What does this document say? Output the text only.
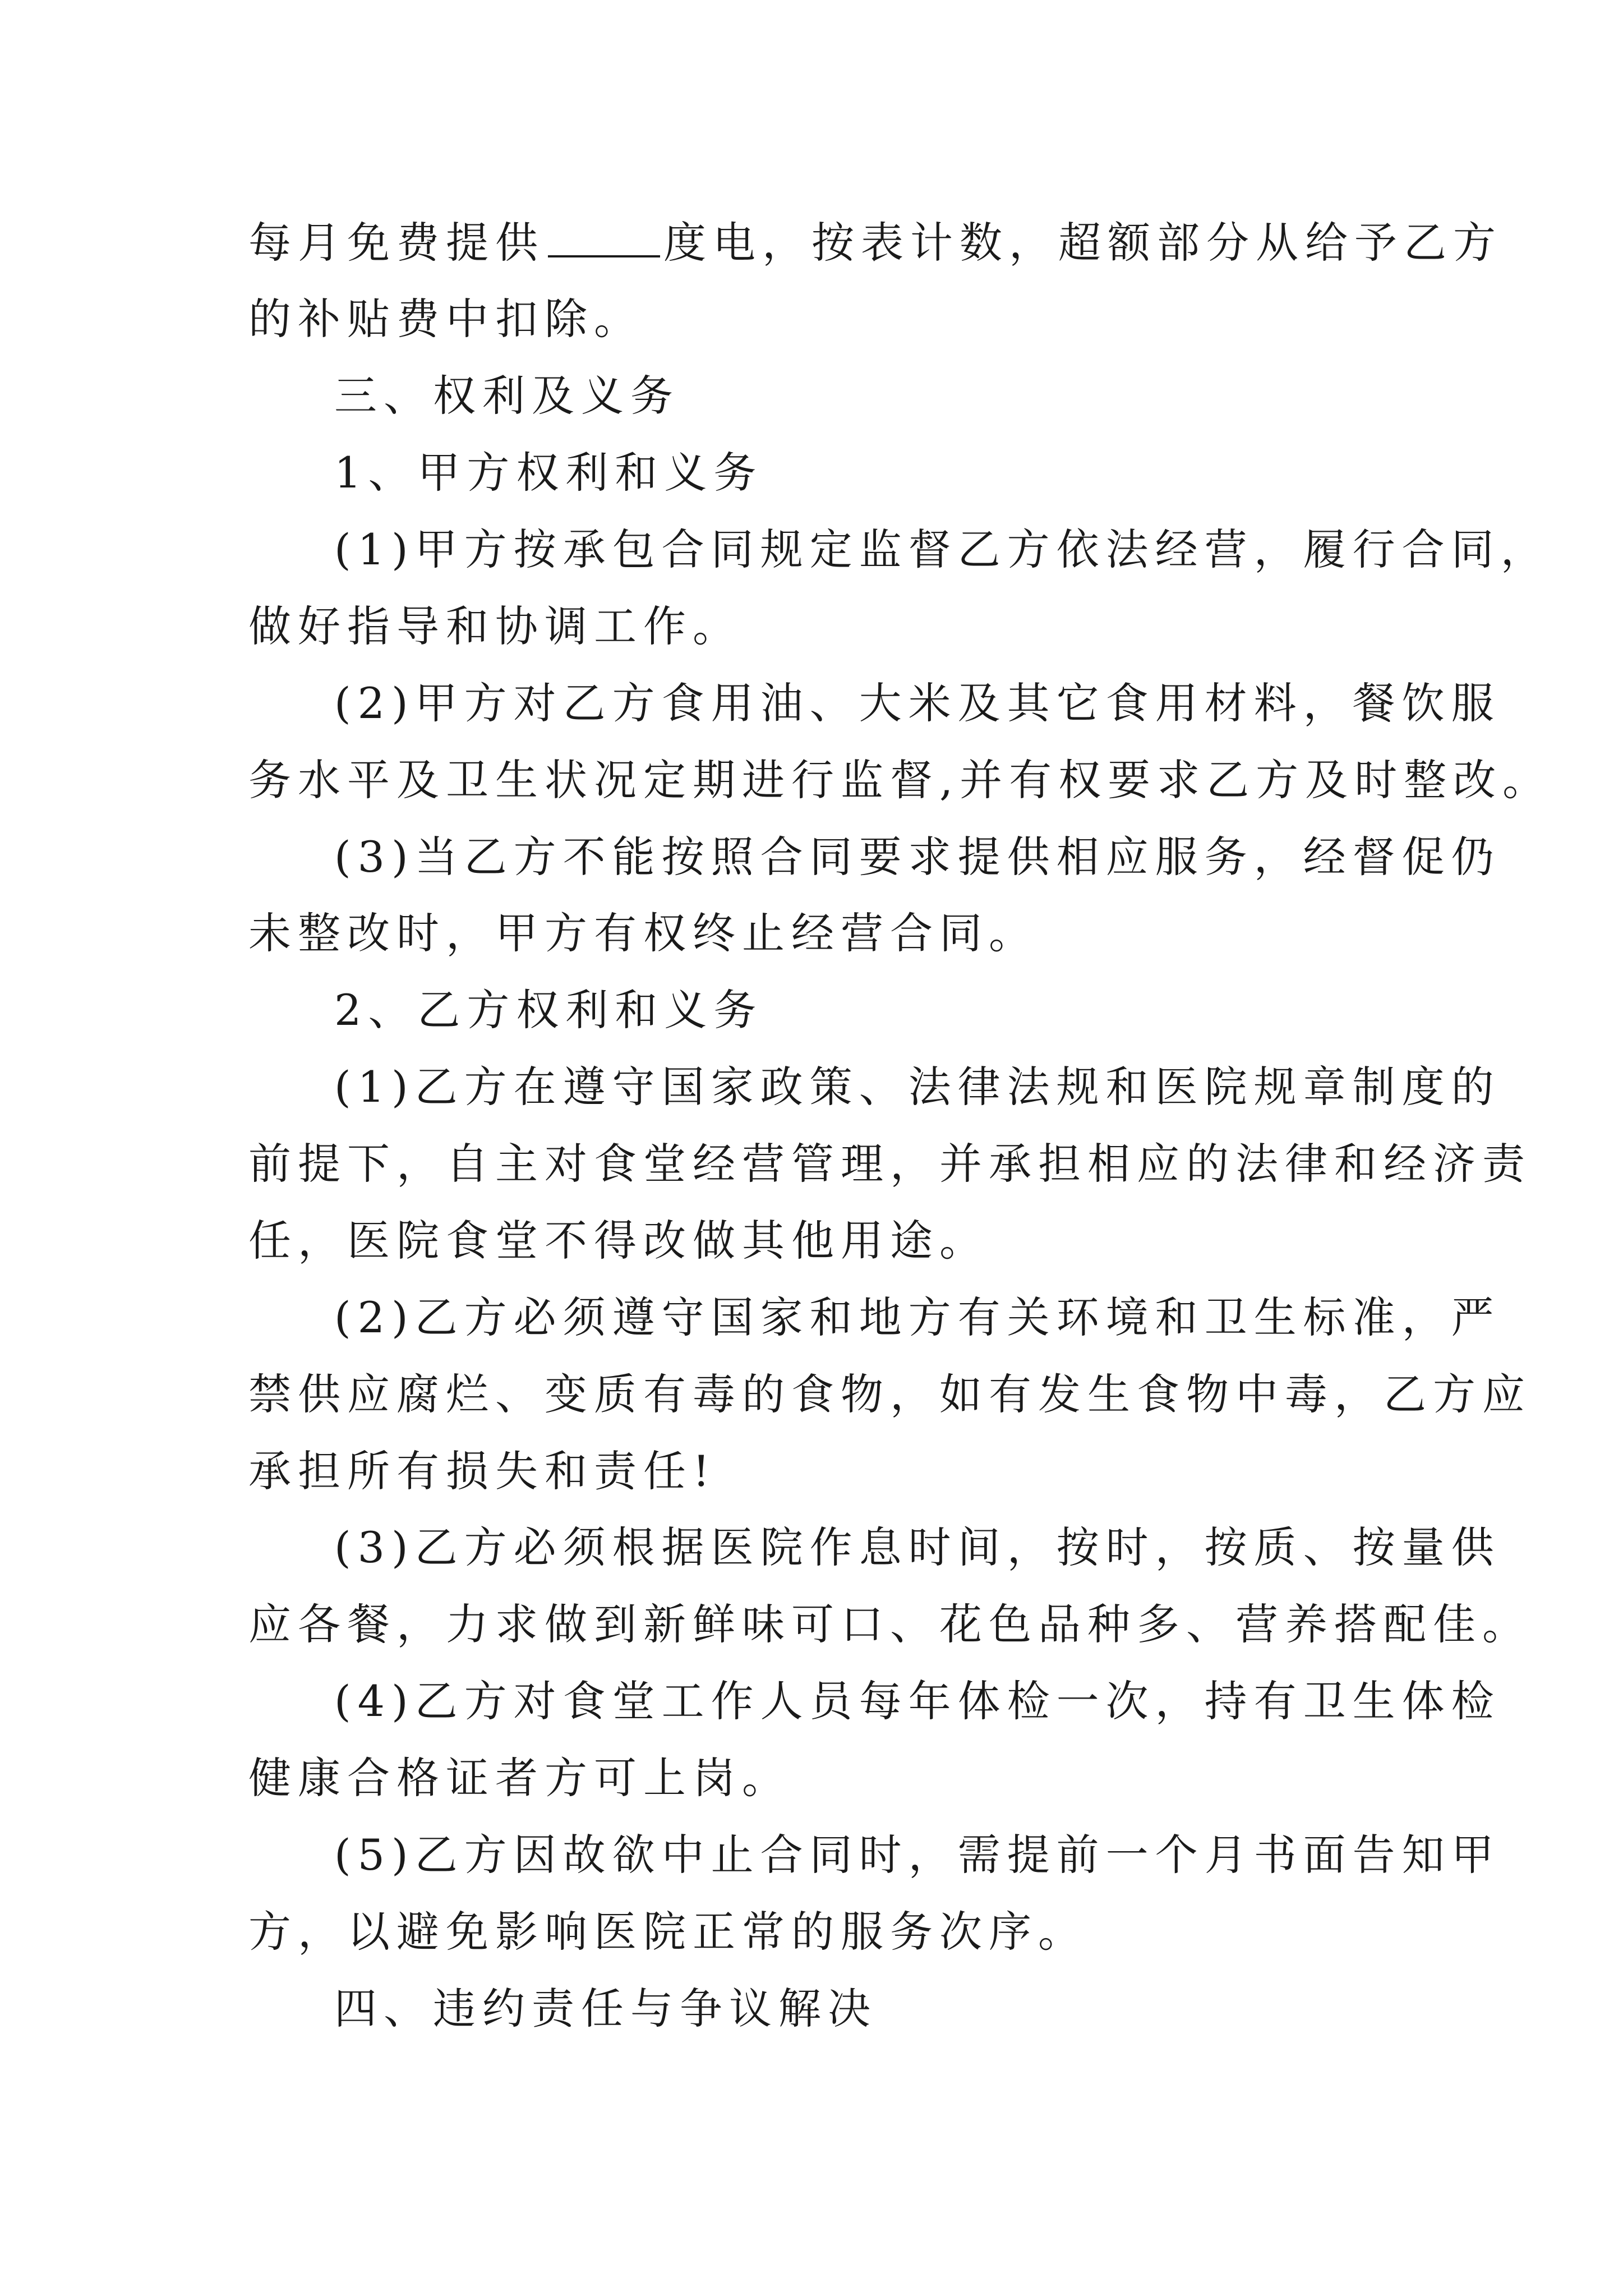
每月免费提供	度电，按表计数，超额部分从给予乙方

的补贴费中扣除。

三、权利及义务

1、甲方权利和义务

(1)甲方按承包合同规定监督乙方依法经营，履行合同，

做好指导和协调工作。

(2)甲方对乙方食用油、大米及其它食用材料，餐饮服

务水平及卫生状况定期进行监督,并有权要求乙方及时整改。

(3)当乙方不能按照合同要求提供相应服务，经督促仍

未整改时，甲方有权终止经营合同。

2、乙方权利和义务

(1)乙方在遵守国家政策、法律法规和医院规章制度的

前提下，自主对食堂经营管理，并承担相应的法律和经济责

任，医院食堂不得改做其他用途。

(2)乙方必须遵守国家和地方有关环境和卫生标准，严

禁供应腐烂、变质有毒的食物，如有发生食物中毒，乙方应

承担所有损失和责任!

(3)乙方必须根据医院作息时间，按时，按质、按量供

应各餐，力求做到新鲜味可口、花色品种多、营养搭配佳。

(4)乙方对食堂工作人员每年体检一次，持有卫生体检

健康合格证者方可上岗。

(5)乙方因故欲中止合同时，需提前一个月书面告知甲

方，以避免影响医院正常的服务次序。

四、违约责任与争议解决
